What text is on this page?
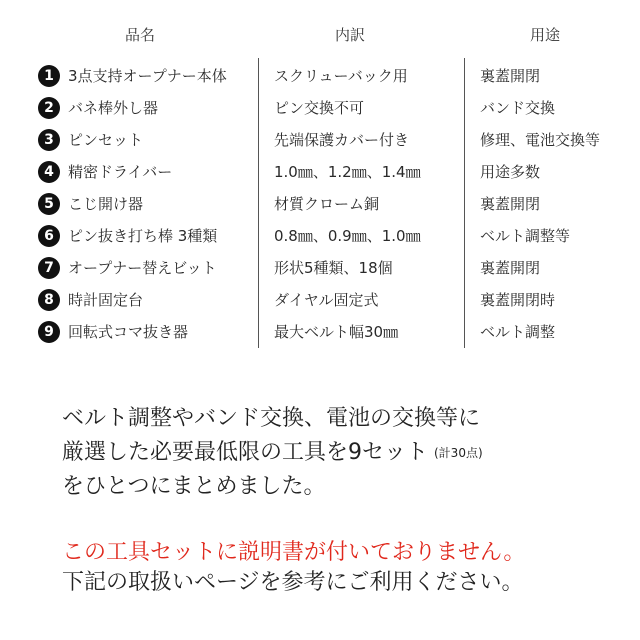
品名	内訳	用途
1 3点支持オープナー本体	スクリューバック用	裏蓋開閉
2 バネ棒外し器	ピン交換不可	バンド交換
3 ピンセット	先端保護カバー付き	修理、電池交換等
4 精密ドライバー	1.0㎜、1.2㎜、1.4㎜	用途多数
5 こじ開け器	材質クローム銅	裏蓋開閉
6 ピン抜き打ち棒 3種類	0.8㎜、0.9㎜、1.0㎜	ベルト調整等
7 オープナー替えビット	形状5種類、18個	裏蓋開閉
8 時計固定台	ダイヤル固定式	裏蓋開閉時
9 回転式コマ抜き器	最大ベルト幅30㎜	ベルト調整
ベルト調整やバンド交換、電池の交換等に
厳選した必要最低限の工具を9セット (計30点)
をひとつにまとめました。
この工具セットに説明書が付いておりません。
下記の取扱いページを参考にご利用ください。
